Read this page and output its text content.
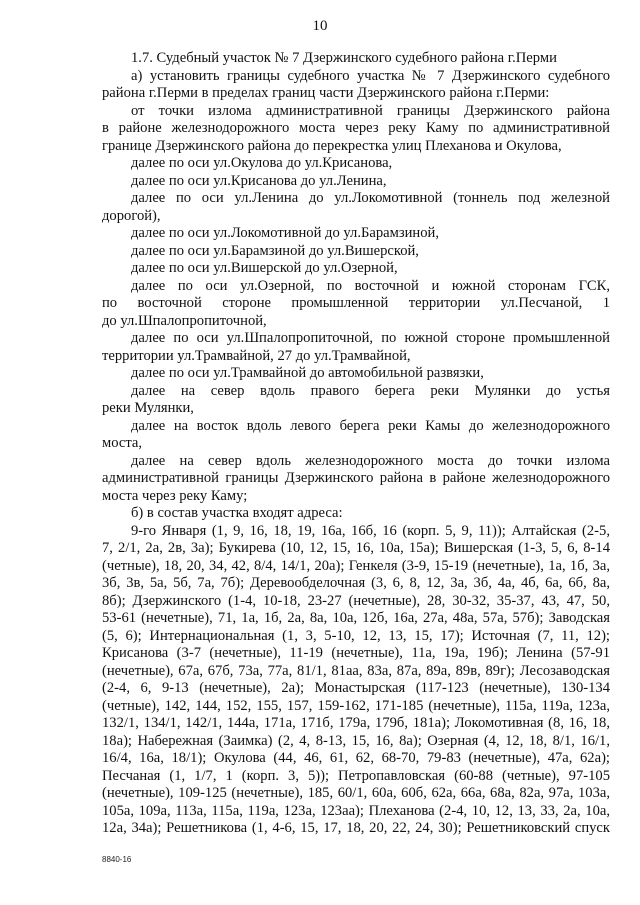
10
1.7. Судебный участок № 7 Дзержинского судебного района г.Перми
а) установить границы судебного участка № 7 Дзержинского судебного
района г.Перми в пределах границ части Дзержинского района г.Перми:
от точки излома административной границы Дзержинского района
в районе железнодорожного моста через реку Каму по административной
границе Дзержинского района до перекрестка улиц Плеханова и Окулова,
далее по оси ул.Окулова до ул.Крисанова,
далее по оси ул.Крисанова до ул.Ленина,
далее по оси ул.Ленина до ул.Локомотивной (тоннель под железной
дорогой),
далее по оси ул.Локомотивной до ул.Барамзиной,
далее по оси ул.Барамзиной до ул.Вишерской,
далее по оси ул.Вишерской до ул.Озерной,
далее по оси ул.Озерной, по восточной и южной сторонам ГСК,
по восточной стороне промышленной территории ул.Песчаной, 1
до ул.Шпалопропиточной,
далее по оси ул.Шпалопропиточной, по южной стороне промышленной
территории ул.Трамвайной, 27 до ул.Трамвайной,
далее по оси ул.Трамвайной до автомобильной развязки,
далее на север вдоль правого берега реки Мулянки до устья
реки Мулянки,
далее на восток вдоль левого берега реки Камы до железнодорожного
моста,
далее на север вдоль железнодорожного моста до точки излома
административной границы Дзержинского района в районе железнодорожного
моста через реку Каму;
б) в состав участка входят адреса:
9-го Января (1, 9, 16, 18, 19, 16а, 16б, 16 (корп. 5, 9, 11)); Алтайская (2-5,
7, 2/1, 2а, 2в, 3а); Букирева (10, 12, 15, 16, 10а, 15а); Вишерская (1-3, 5, 6, 8-14
(четные), 18, 20, 34, 42, 8/4, 14/1, 20а); Генкеля (3-9, 15-19 (нечетные), 1а, 1б, 3а,
3б, 3в, 5а, 5б, 7а, 7б); Деревообделочная (3, 6, 8, 12, 3а, 3б, 4а, 4б, 6а, 6б, 8а,
8б); Дзержинского (1-4, 10-18, 23-27 (нечетные), 28, 30-32, 35-37, 43, 47, 50,
53-61 (нечетные), 71, 1а, 1б, 2а, 8а, 10а, 12б, 16а, 27а, 48а, 57а, 57б); Заводская
(5, 6); Интернациональная (1, 3, 5-10, 12, 13, 15, 17); Источная (7, 11, 12);
Крисанова (3-7 (нечетные), 11-19 (нечетные), 11а, 19а, 19б); Ленина (57-91
(нечетные), 67а, 67б, 73а, 77а, 81/1, 81аа, 83а, 87а, 89а, 89в, 89г); Лесозаводская
(2-4, 6, 9-13 (нечетные), 2а); Монастырская (117-123 (нечетные), 130-134
(четные), 142, 144, 152, 155, 157, 159-162, 171-185 (нечетные), 115а, 119а, 123а,
132/1, 134/1, 142/1, 144а, 171а, 171б, 179а, 179б, 181а); Локомотивная (8, 16, 18,
18а); Набережная (Заимка) (2, 4, 8-13, 15, 16, 8а); Озерная (4, 12, 18, 8/1, 16/1,
16/4, 16а, 18/1); Окулова (44, 46, 61, 62, 68-70, 79-83 (нечетные), 47а, 62а);
Песчаная (1, 1/7, 1 (корп. 3, 5)); Петропавловская (60-88 (четные), 97-105
(нечетные), 109-125 (нечетные), 185, 60/1, 60а, 60б, 62а, 66а, 68а, 82а, 97а, 103а,
105а, 109а, 113а, 115а, 119а, 123а, 123аа); Плеханова (2-4, 10, 12, 13, 33, 2а, 10а,
12а, 34а); Решетникова (1, 4-6, 15, 17, 18, 20, 22, 24, 30); Решетниковский спуск
8840-16
